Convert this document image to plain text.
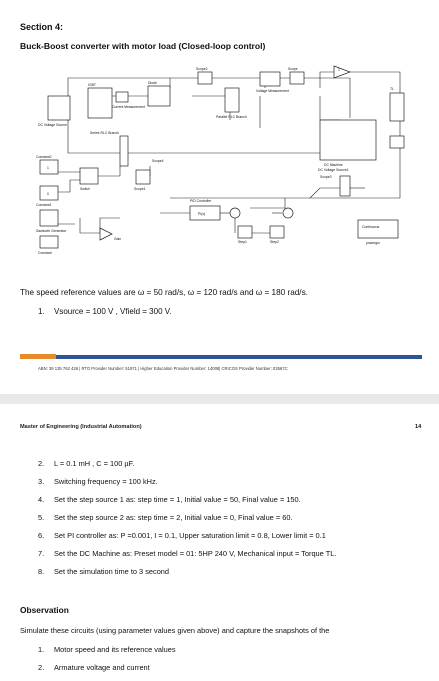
Section 4:
Buck-Boost converter with motor load (Closed-loop control)
Scope2
Diode
Scope
IGBT
Current Measurement
Voltage Measurement
DC Voltage Source
Parallel RLC Branch
Series RLC Branch
DC Machine
DC Voltage Source1
Constant2
Constant1
Switch	Scope1
Scope4
Scope3
PID Controller
PI(s)
Step1	Step2
Sawtooth Generator
Gain
Constant
Continuous
powergui
1
TL
1
0
The speed reference values are ω = 50 rad/s, ω = 120 rad/s and ω = 180 rad/s.
1. Vsource = 100 V , Vfield = 300 V.
ABN: 39 135 762 426 | RTO Provider Number: 51971 | Higher Education Provider Number: 14008| CRICOS Provider Number: 03567C
Master of Engineering (Industrial Automation)	14
2. L = 0.1 mH , C = 100 µF.
3. Switching frequency = 100 kHz.
4. Set the step source 1 as: step time = 1, Initial value = 50, Final value = 150.
5. Set the step source 2 as: step time = 2, Initial value = 0, Final value = 60.
6. Set PI controller as: P =0.001, I = 0.1, Upper saturation limit = 0.8, Lower limit = 0.1
7. Set the DC Machine as: Preset model = 01: 5HP 240 V, Mechanical input = Torque TL.
8. Set the simulation time to 3 second
Observation
Simulate these circuits (using parameter values given above) and capture the snapshots of the
1. Motor speed and its reference values
2. Armature voltage and current
